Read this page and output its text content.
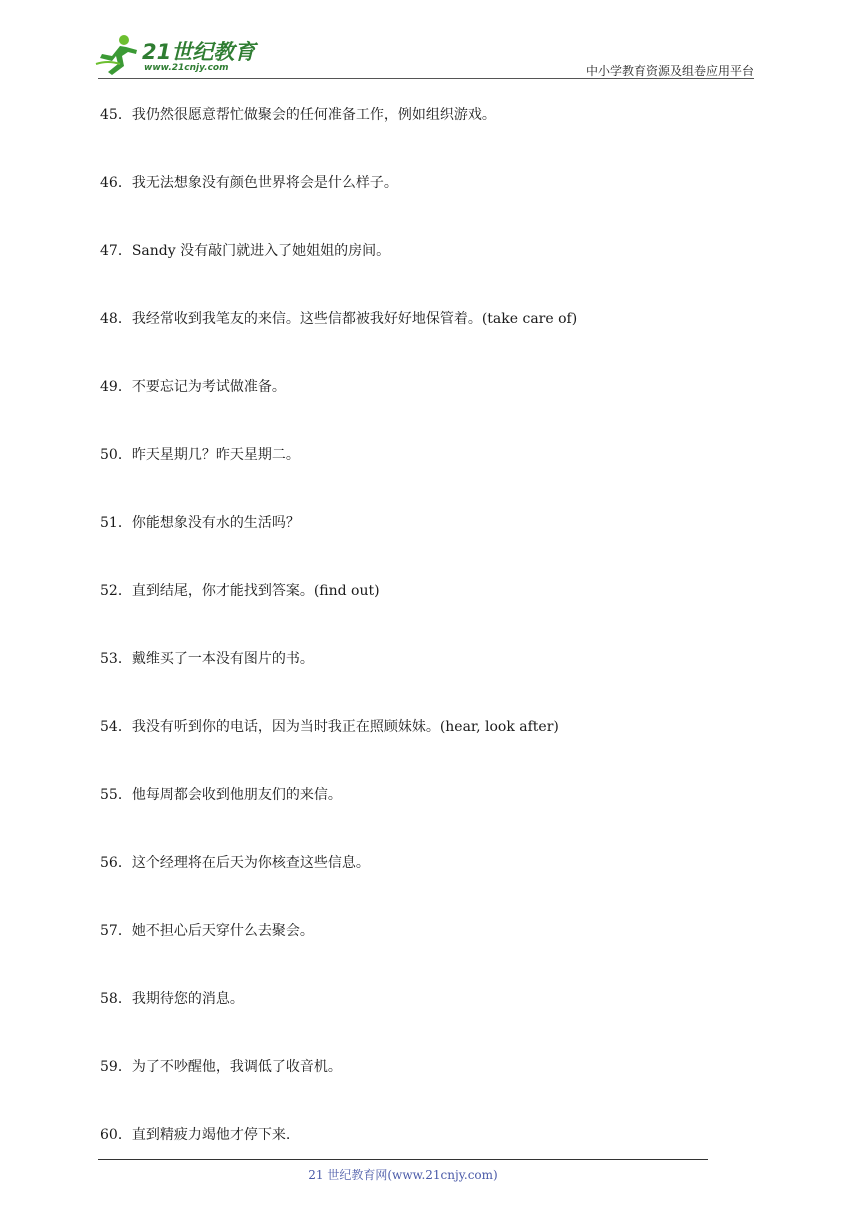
21世纪教育
www.21cnjy.com	中小学教育资源及组卷应用平台
45．我仍然很愿意帮忙做聚会的任何准备工作，例如组织游戏。
46．我无法想象没有颜色世界将会是什么样子。
47．Sandy 没有敲门就进入了她姐姐的房间。
48．我经常收到我笔友的来信。这些信都被我好好地保管着。(take care of)
49．不要忘记为考试做准备。
50．昨天星期几？昨天星期二。
51．你能想象没有水的生活吗？
52．直到结尾，你才能找到答案。(find out)
53．戴维买了一本没有图片的书。
54．我没有听到你的电话，因为当时我正在照顾妹妹。(hear, look after)
55．他每周都会收到他朋友们的来信。
56．这个经理将在后天为你核查这些信息。
57．她不担心后天穿什么去聚会。
58．我期待您的消息。
59．为了不吵醒他，我调低了收音机。
60．直到精疲力竭他才停下来.
21 世纪教育网(www.21cnjy.com)
